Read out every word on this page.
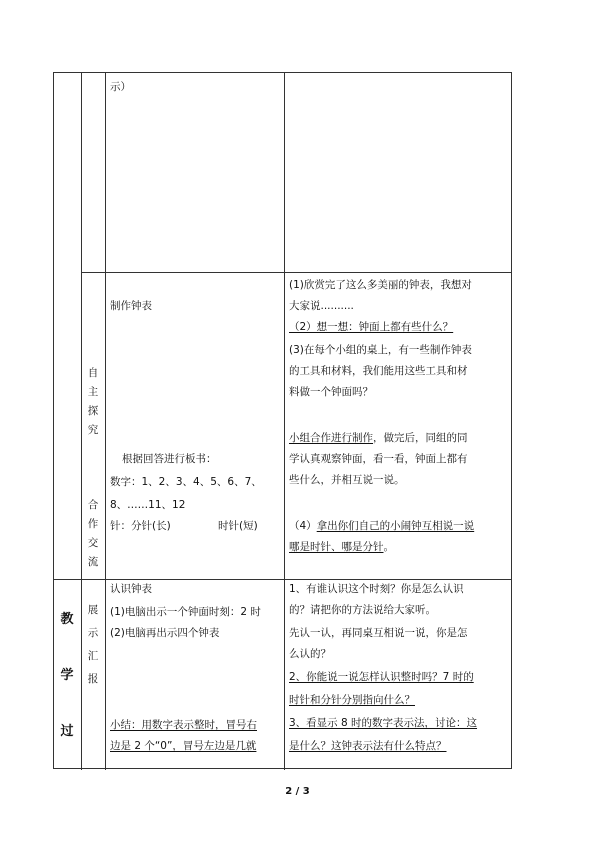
示）
自主探究
合作交流
制作钟表
根据回答进行板书：
数字：1、2、3、4、5、6、7、
8、……11、12
针：分针(长)	时针(短)
(1)欣赏完了这么多美丽的钟表，我想对
大家说..........
（2）想一想：钟面上都有些什么？
(3)在每个小组的桌上，有一些制作钟表
的工具和材料，我们能用这些工具和材
料做一个钟面吗？
小组合作进行制作，做完后，同组的同
学认真观察钟面，看一看，钟面上都有
些什么，并相互说一说。
（4）拿出你们自己的小闹钟互相说一说
哪是时针、哪是分针。
教学过
展示汇报
认识钟表
(1)电脑出示一个钟面时刻：2 时
(2)电脑再出示四个钟表
小结：用数字表示整时，冒号右
边是 2 个“0”，冒号左边是几就
1、有谁认识这个时刻？你是怎么认识
的？请把你的方法说给大家听。
先认一认，再同桌互相说一说，你是怎
么认的？
2、你能说一说怎样认识整时吗？7 时的
时针和分针分别指向什么？
3、看显示 8 时的数字表示法，讨论：这
是什么？这钟表示法有什么特点？
2 / 3
